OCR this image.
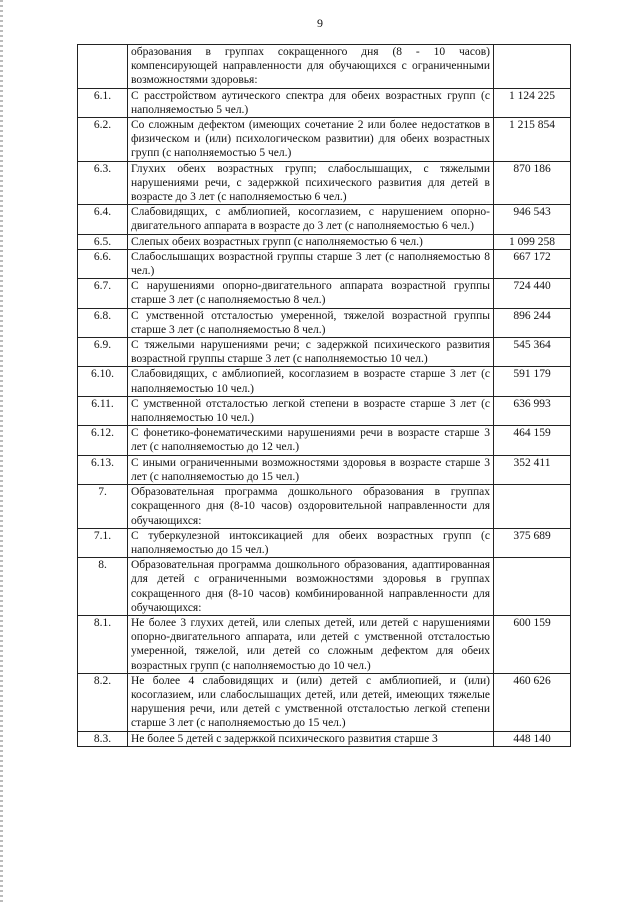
9
	образования в группах сокращенного дня (8 - 10 часов) компенсирующей направленности для обучающихся с ограниченными возможностями здоровья:	
6.1.	С расстройством аутического спектра для обеих возрастных групп (с наполняемостью 5 чел.)	1 124 225
6.2.	Со сложным дефектом (имеющих сочетание 2 или более недостатков в физическом и (или) психологическом развитии) для обеих возрастных групп (с наполняемостью 5 чел.)	1 215 854
6.3.	Глухих обеих возрастных групп; слабослышащих, с тяжелыми нарушениями речи, с задержкой психического развития для детей в возрасте до 3 лет (с наполняемостью 6 чел.)	870 186
6.4.	Слабовидящих, с амблиопией, косоглазием, с нарушением опорно-двигательного аппарата в возрасте до 3 лет (с наполняемостью 6 чел.)	946 543
6.5.	Слепых обеих возрастных групп (с наполняемостью 6 чел.)	1 099 258
6.6.	Слабослышащих возрастной группы старше 3 лет (с наполняемостью 8 чел.)	667 172
6.7.	С нарушениями опорно-двигательного аппарата возрастной группы старше 3 лет (с наполняемостью 8 чел.)	724 440
6.8.	С умственной отсталостью умеренной, тяжелой возрастной группы старше 3 лет (с наполняемостью 8 чел.)	896 244
6.9.	С тяжелыми нарушениями речи; с задержкой психического развития возрастной группы старше 3 лет (с наполняемостью 10 чел.)	545 364
6.10.	Слабовидящих, с амблиопией, косоглазием в возрасте старше 3 лет (с наполняемостью 10 чел.)	591 179
6.11.	С умственной отсталостью легкой степени в возрасте старше 3 лет (с наполняемостью 10 чел.)	636 993
6.12.	С фонетико-фонематическими нарушениями речи в возрасте старше 3 лет (с наполняемостью до 12 чел.)	464 159
6.13.	С иными ограниченными возможностями здоровья в возрасте старше 3 лет (с наполняемостью до 15 чел.)	352 411
7.	Образовательная программа дошкольного образования в группах сокращенного дня (8-10 часов) оздоровительной направленности для обучающихся:	
7.1.	С туберкулезной интоксикацией для обеих возрастных групп (с наполняемостью до 15 чел.)	375 689
8.	Образовательная программа дошкольного образования, адаптированная для детей с ограниченными возможностями здоровья в группах сокращенного дня (8-10 часов) комбинированной направленности для обучающихся:	
8.1.	Не более 3 глухих детей, или слепых детей, или детей с нарушениями опорно-двигательного аппарата, или детей с умственной отсталостью умеренной, тяжелой, или детей со сложным дефектом для обеих возрастных групп (с наполняемостью до 10 чел.)	600 159
8.2.	Не более 4 слабовидящих и (или) детей с амблиопией, и (или) косоглазием, или слабослышащих детей, или детей, имеющих тяжелые нарушения речи, или детей с умственной отсталостью легкой степени старше 3 лет (с наполняемостью до 15 чел.)	460 626
8.3.	Не более 5 детей с задержкой психического развития старше 3	448 140
